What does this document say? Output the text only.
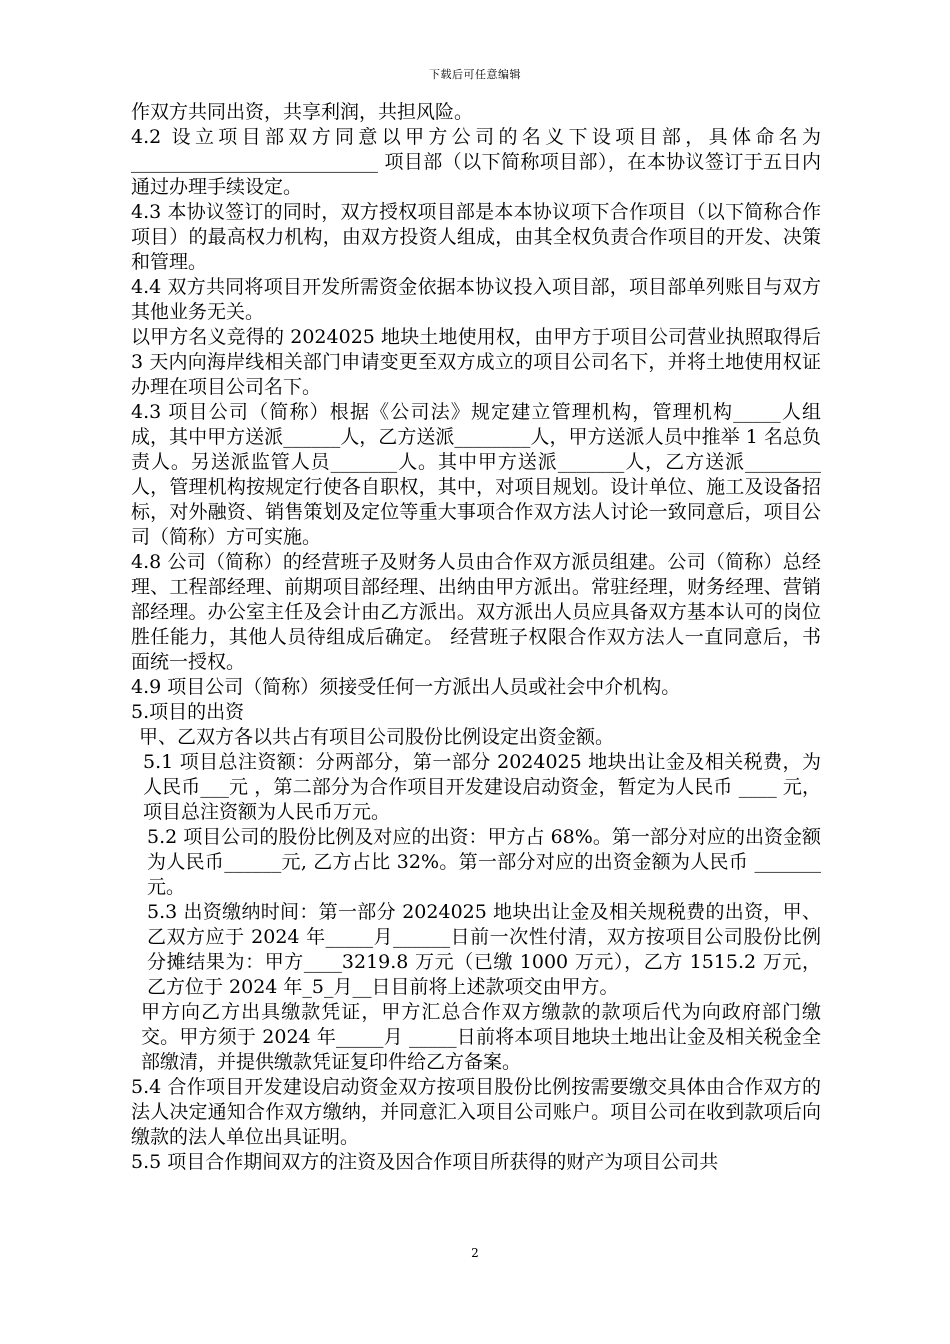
下载后可任意编辑

作双方共同出资，共享利润，共担风险。

4.2 设立项目部双方同意以甲方公司的名义下设项目部，具体命名为__________________________ 项目部（以下简称项目部），在本协议签订于五日内通过办理手续设定。

4.3 本协议签订的同时，双方授权项目部是本本协议项下合作项目（以下简称合作项目）的最高权力机构，由双方投资人组成，由其全权负责合作项目的开发、决策和管理。

4.4 双方共同将项目开发所需资金依据本协议投入项目部，项目部单列账目与双方其他业务无关。

以甲方名义竞得的 2024025 地块土地使用权，由甲方于项目公司营业执照取得后 3 天内向海岸线相关部门申请变更至双方成立的项目公司名下，并将土地使用权证办理在项目公司名下。

4.3 项目公司（简称）根据《公司法》规定建立管理机构，管理机构_____人组成，其中甲方送派______人，乙方送派________人，甲方送派人员中推举 1 名总负责人。另送派监管人员_______人。其中甲方送派_______人，乙方送派________人，管理机构按规定行使各自职权，其中，对项目规划。设计单位、施工及设备招标，对外融资、销售策划及定位等重大事项合作双方法人讨论一致同意后，项目公司（简称）方可实施。

4.8 公司（简称）的经营班子及财务人员由合作双方派员组建。公司（简称）总经理、工程部经理、前期项目部经理、出纳由甲方派出。常驻经理，财务经理、营销部经理。办公室主任及会计由乙方派出。双方派出人员应具备双方基本认可的岗位胜任能力，其他人员待组成后确定。 经营班子权限合作双方法人一直同意后，书面统一授权。

4.9 项目公司（简称）须接受任何一方派出人员或社会中介机构。

5.项目的出资

甲、乙双方各以共占有项目公司股份比例设定出资金额。

5.1 项目总注资额：分两部分，第一部分 2024025 地块出让金及相关税费，为人民币___元 ，第二部分为合作项目开发建设启动资金，暂定为人民币 ____ 元，项目总注资额为人民币万元。

5.2 项目公司的股份比例及对应的出资：甲方占 68%。第一部分对应的出资金额为人民币______元, 乙方占比 32%。第一部分对应的出资金额为人民币 _______元。

5.3 出资缴纳时间：第一部分 2024025 地块出让金及相关规税费的出资，甲、乙双方应于 2024 年_____月______日前一次性付清，双方按项目公司股份比例分摊结果为：甲方____3219.8 万元（已缴 1000 万元），乙方 1515.2 万元，乙方位于 2024 年_5_月__日目前将上述款项交由甲方。

甲方向乙方出具缴款凭证，甲方汇总合作双方缴款的款项后代为向政府部门缴交。甲方须于 2024 年_____月 _____日前将本项目地块土地出让金及相关税金全部缴清，并提供缴款凭证复印件给乙方备案。

5.4 合作项目开发建设启动资金双方按项目股份比例按需要缴交具体由合作双方的法人决定通知合作双方缴纳，并同意汇入项目公司账户。项目公司在收到款项后向缴款的法人单位出具证明。

5.5 项目合作期间双方的注资及因合作项目所获得的财产为项目公司共

2
